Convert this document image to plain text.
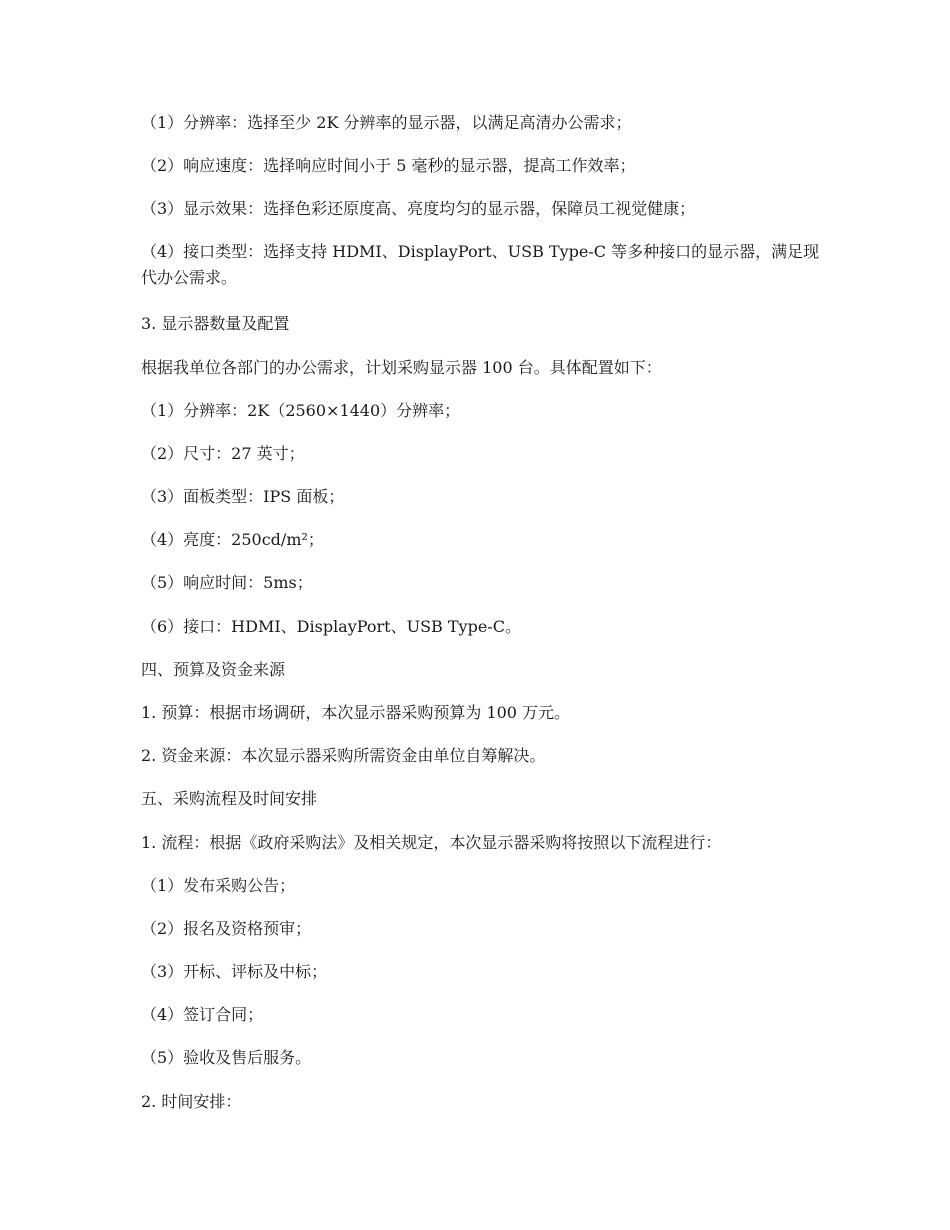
（1）分辨率：选择至少 2K 分辨率的显示器，以满足高清办公需求；

（2）响应速度：选择响应时间小于 5 毫秒的显示器，提高工作效率；

（3）显示效果：选择色彩还原度高、亮度均匀的显示器，保障员工视觉健康；

（4）接口类型：选择支持 HDMI、DisplayPort、USB Type-C 等多种接口的显示器，满足现代办公需求。

3. 显示器数量及配置

根据我单位各部门的办公需求，计划采购显示器 100 台。具体配置如下：

（1）分辨率：2K（2560×1440）分辨率；

（2）尺寸：27 英寸；

（3）面板类型：IPS 面板；

（4）亮度：250cd/m²；

（5）响应时间：5ms；

（6）接口：HDMI、DisplayPort、USB Type-C。

四、预算及资金来源

1. 预算：根据市场调研，本次显示器采购预算为 100 万元。

2. 资金来源：本次显示器采购所需资金由单位自筹解决。

五、采购流程及时间安排

1. 流程：根据《政府采购法》及相关规定，本次显示器采购将按照以下流程进行：

（1）发布采购公告；

（2）报名及资格预审；

（3）开标、评标及中标；

（4）签订合同；

（5）验收及售后服务。

2. 时间安排：
